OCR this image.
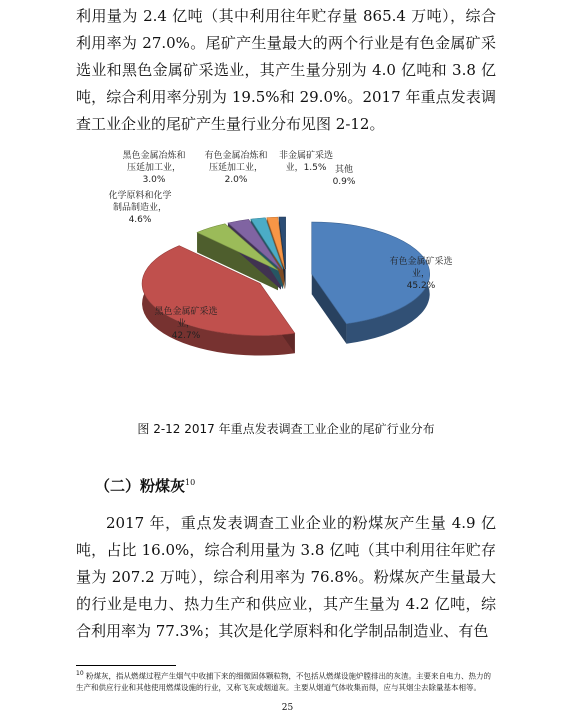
利用量为 2.4 亿吨（其中利用往年贮存量 865.4 万吨），综合利用率为 27.0%。尾矿产生量最大的两个行业是有色金属矿采选业和黑色金属矿采选业，其产生量分别为 4.0 亿吨和 3.8 亿吨，综合利用率分别为 19.5%和 29.0%。2017 年重点发表调查工业企业的尾矿产生量行业分布见图 2-12。

有色金属矿采选业， 45.2%
黑色金属矿采选业， 42.7%
化学原料和化学制品制造业， 4.6%
黑色金属冶炼和压延加工业， 3.0%
有色金属冶炼和压延加工业， 2.0%
非金属矿采选业，1.5% 其他 0.9%

图 2-12 2017 年重点发表调查工业企业的尾矿行业分布

（二）粉煤灰$^{10}$

2017 年，重点发表调查工业企业的粉煤灰产生量 4.9 亿吨，占比 16.0%，综合利用量为 3.8 亿吨（其中利用往年贮存量为 207.2 万吨），综合利用率为 76.8%。粉煤灰产生量最大的行业是电力、热力生产和供应业，其产生量为 4.2 亿吨，综合利用率为 77.3%；其次是化学原料和化学制品制造业、有色

$^{10}$ 粉煤灰，指从燃煤过程产生烟气中收捕下来的细微固体颗粒物，不包括从燃煤设施炉膛排出的灰渣。主要来自电力、热力的生产和供应行业和其他使用燃煤设施的行业，又称飞灰或烟道灰。主要从烟道气体收集而得，应与其烟尘去除量基本相等。

25
